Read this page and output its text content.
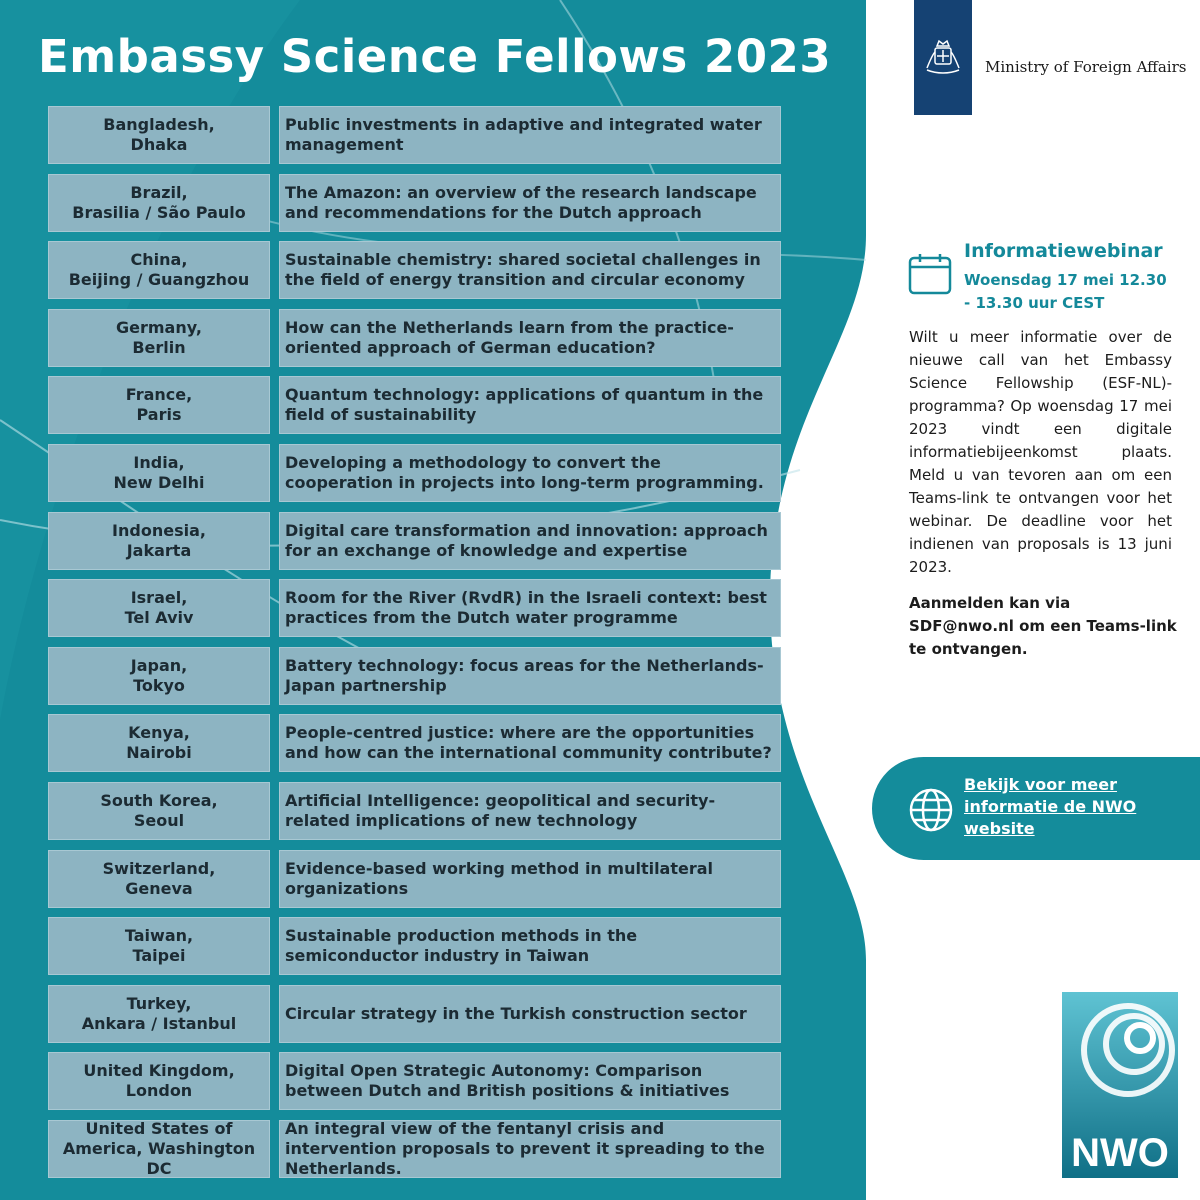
Embassy Science Fellows 2023	Ministry of Foreign Affairs
Bangladesh,
Dhaka
Public investments in adaptive and integrated water management
Brazil,
Brasilia / São Paulo
The Amazon: an overview of the research landscape and recommendations for the Dutch approach
China,
Beijing / Guangzhou
Sustainable chemistry: shared societal challenges in the field of energy transition and circular economy
Germany,
Berlin
How can the Netherlands learn from the practice-oriented approach of German education?
France,
Paris
Quantum technology: applications of quantum in the field of sustainability
India,
New Delhi
Developing a methodology to convert the cooperation in projects into long-term programming.
Indonesia,
Jakarta
Digital care transformation and innovation: approach for an exchange of knowledge and expertise
Israel,
Tel Aviv
Room for the River (RvdR) in the Israeli context: best practices from the Dutch water programme
Japan,
Tokyo
Battery technology: focus areas for the Netherlands-Japan partnership
Kenya,
Nairobi
People-centred justice: where are the opportunities and how can the international community contribute?
South Korea,
Seoul
Artificial Intelligence: geopolitical and security-related implications of new technology
Switzerland,
Geneva
Evidence-based working method in multilateral organizations
Taiwan,
Taipei
Sustainable production methods in the semiconductor industry in Taiwan
Turkey,
Ankara / Istanbul
Circular strategy in the Turkish construction sector
United Kingdom,
London
Digital Open Strategic Autonomy: Comparison between Dutch and British positions & initiatives
United States of
America, Washington DC
An integral view of the fentanyl crisis and intervention proposals to prevent it spreading to the Netherlands.
Informatiewebinar
Woensdag 17 mei 12.30 - 13.30 uur CEST

Wilt u meer informatie over de nieuwe call van het Embassy Science Fellowship (ESF-NL)-programma? Op woensdag 17 mei 2023 vindt een digitale informatiebijeenkomst plaats. Meld u van tevoren aan om een Teams-link te ontvangen voor het webinar. De deadline voor het indienen van proposals is 13 juni 2023.

Aanmelden kan via SDF@nwo.nl om een Teams-link te ontvangen.

Bekijk voor meer informatie de NWO website
NWO
